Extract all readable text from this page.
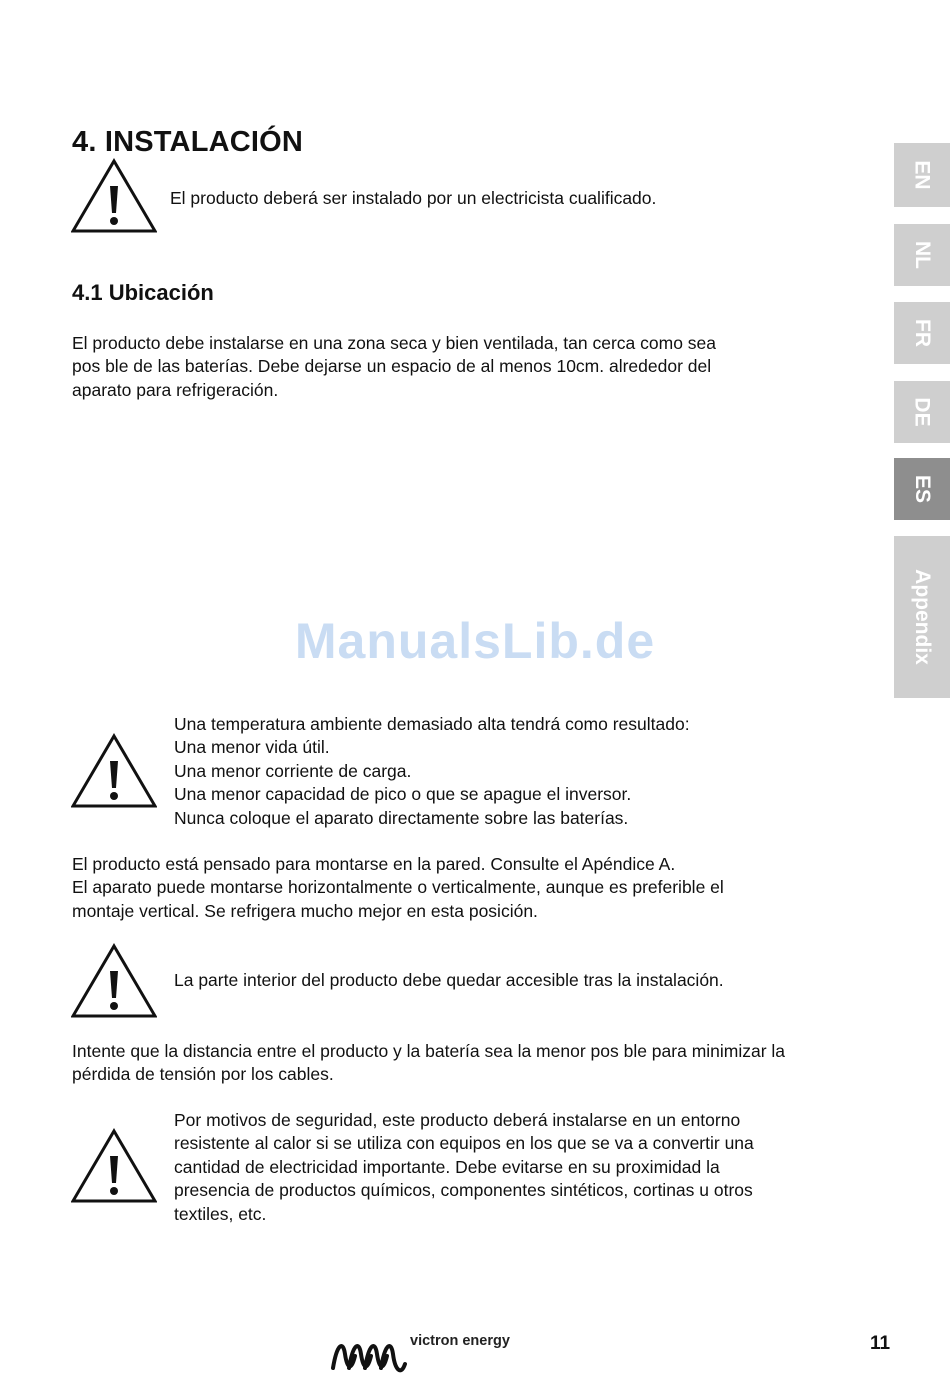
4. INSTALACIÓN
El producto deberá ser instalado por un electricista cualificado.
4.1 Ubicación
El producto debe instalarse en una zona seca y bien ventilada, tan cerca como sea
pos ble de las baterías. Debe dejarse un espacio de al menos 10cm. alrededor del
aparato para refrigeración.
ManualsLib.de
Una temperatura ambiente demasiado alta tendrá como resultado:
Una menor vida útil.
Una menor corriente de carga.
Una menor capacidad de pico o que se apague el inversor.
Nunca coloque el aparato directamente sobre las baterías.
El producto está pensado para montarse en la pared. Consulte el Apéndice A.
El aparato puede montarse horizontalmente o verticalmente, aunque es preferible el
montaje vertical. Se refrigera mucho mejor en esta posición.
La parte interior del producto debe quedar accesible tras la instalación.
Intente que la distancia entre el producto y la batería sea la menor pos ble para minimizar la
pérdida de tensión por los cables.
Por motivos de seguridad, este producto deberá instalarse en un entorno
resistente al calor si se utiliza con equipos en los que se va a convertir una
cantidad de electricidad importante. Debe evitarse en su proximidad la
presencia de productos químicos, componentes sintéticos, cortinas u otros
textiles, etc.
EN
NL
FR
DE
ES
Appendix
victron energy	11
